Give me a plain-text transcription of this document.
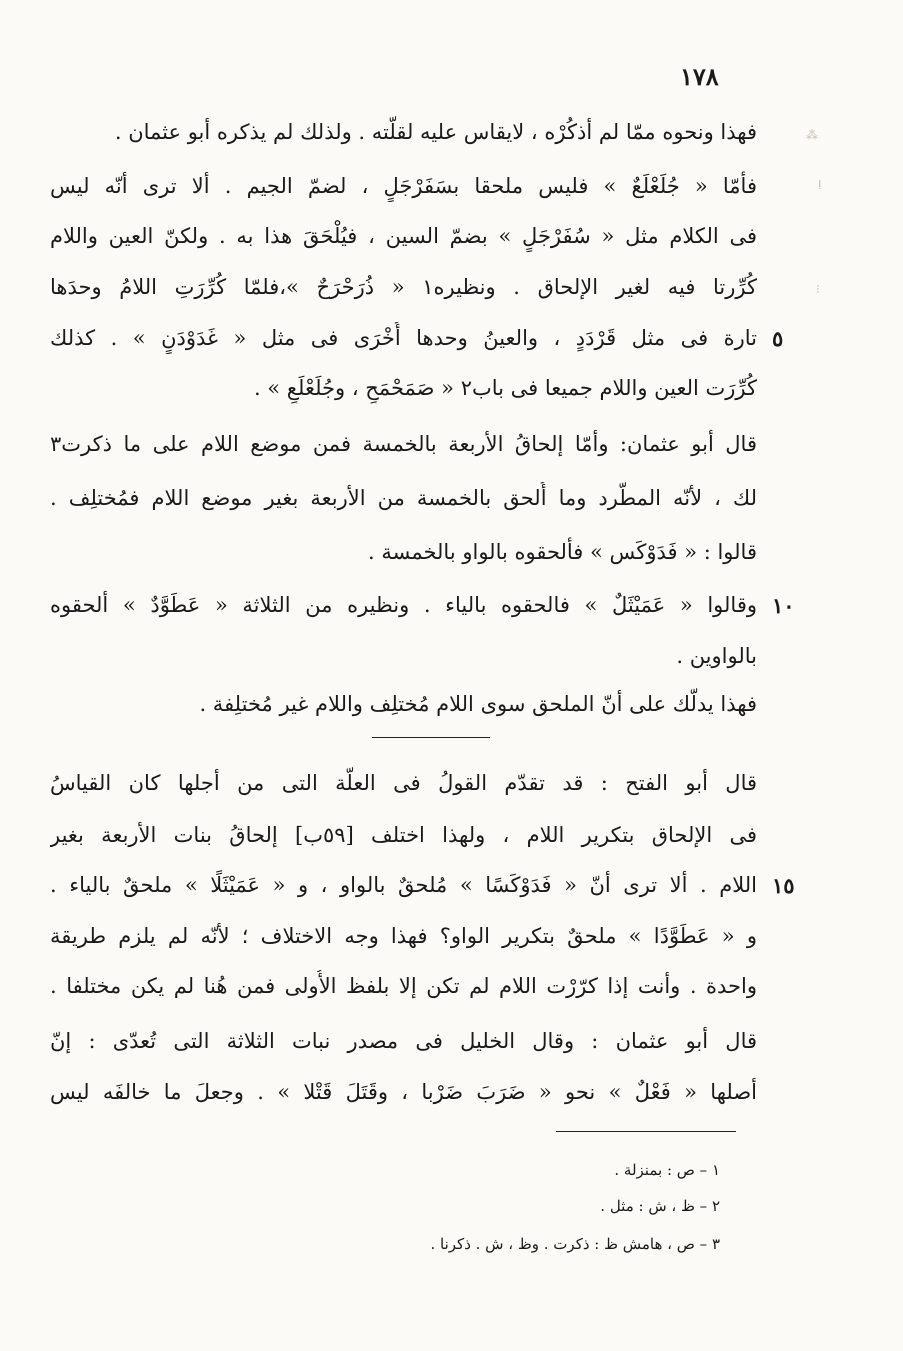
١٧٨
فهذا ونحوه ممّا لم أذكُرْه ، لايقاس عليه لقلّته . ولذلك لم يذكره أبو عثمان .
فأمّا « جُلَعْلَعٌ » فليس ملحقا بسَفَرْجَلٍ ، لضمّ الجيم . ألا ترى أنّه ليس
فى الكلام مثل « سُفَرْجَلٍ » بضمّ السين ، فيُلْحَقَ هذا به . ولكنّ العين واللام
كُرِّرتا فيه لغير الإلحاق . ونظيره١ « ذُرَحْرَحٌ »،فلمّا كُرِّرَتِ اللامُ وحدَها
تارة فى مثل قَرْدَدٍ ، والعينُ وحدها أُخْرَى فى مثل « غَدَوْدَنٍ » . كذلك ٥
كُرِّرَت العين واللام جميعا فى باب٢ « صَمَحْمَحٍ ، وجُلَعْلَعٍ » .
قال أبو عثمان: وأمّا إلحاقُ الأربعة بالخمسة فمن موضع اللام على ما ذكرت٣
لك ، لأنّه المطّرد وما أُلحق بالخمسة من الأربعة بغير موضع اللام فمُختلِف .
قالوا : « فَدَوْكَس » فألحقوه بالواو بالخمسة .
وقالوا « عَمَيْثَلٌ » فالحقوه بالياء . ونظيره من الثلاثة « عَطَوَّدٌ » ألحقوه ١٠
بالواوين .
فهذا يدلُّك على أنّ الملحق سوى اللام مُختلِف واللام غير مُختلِفة .
قال أبو الفتح : قد تقدّم القولُ فى العلّة التى من أجلها كان القياسُ
فى الإلحاق بتكرير اللام ، ولهذا اختلف [٥٩ب] إلحاقُ بنات الأربعة بغير
اللام . ألا ترى أنّ « فَدَوْكَسًا » مُلحقٌ بالواو ، و « عَمَيْثَلًا » ملحقٌ بالياء . ١٥
و « عَطَوَّدًا » ملحقٌ بتكرير الواو؟ فهذا وجه الاختلاف ؛ لأنّه لم يلزم طريقة
واحدة . وأنت إذا كرّرْت اللام لم تكن إلا بلفظ الأُولى فمن هُنا لم يكن مختلفا .
قال أبو عثمان : وقال الخليل فى مصدر نبات الثلاثة التى تُعدّى : إنّ
أصلها « فَعْلٌ » نحو « ضَرَبَ ضَرْبا ، وقَتَلَ قَتْلا » . وجعلَ ما خالفَه ليس
١ – ص : بمنزلة .
٢ – ظ ، ش : مثل .
٣ – ص ، هامش ظ : ذكرت . وظ ، ش . ذكرنا .
⁂
ⵑ
⁝
